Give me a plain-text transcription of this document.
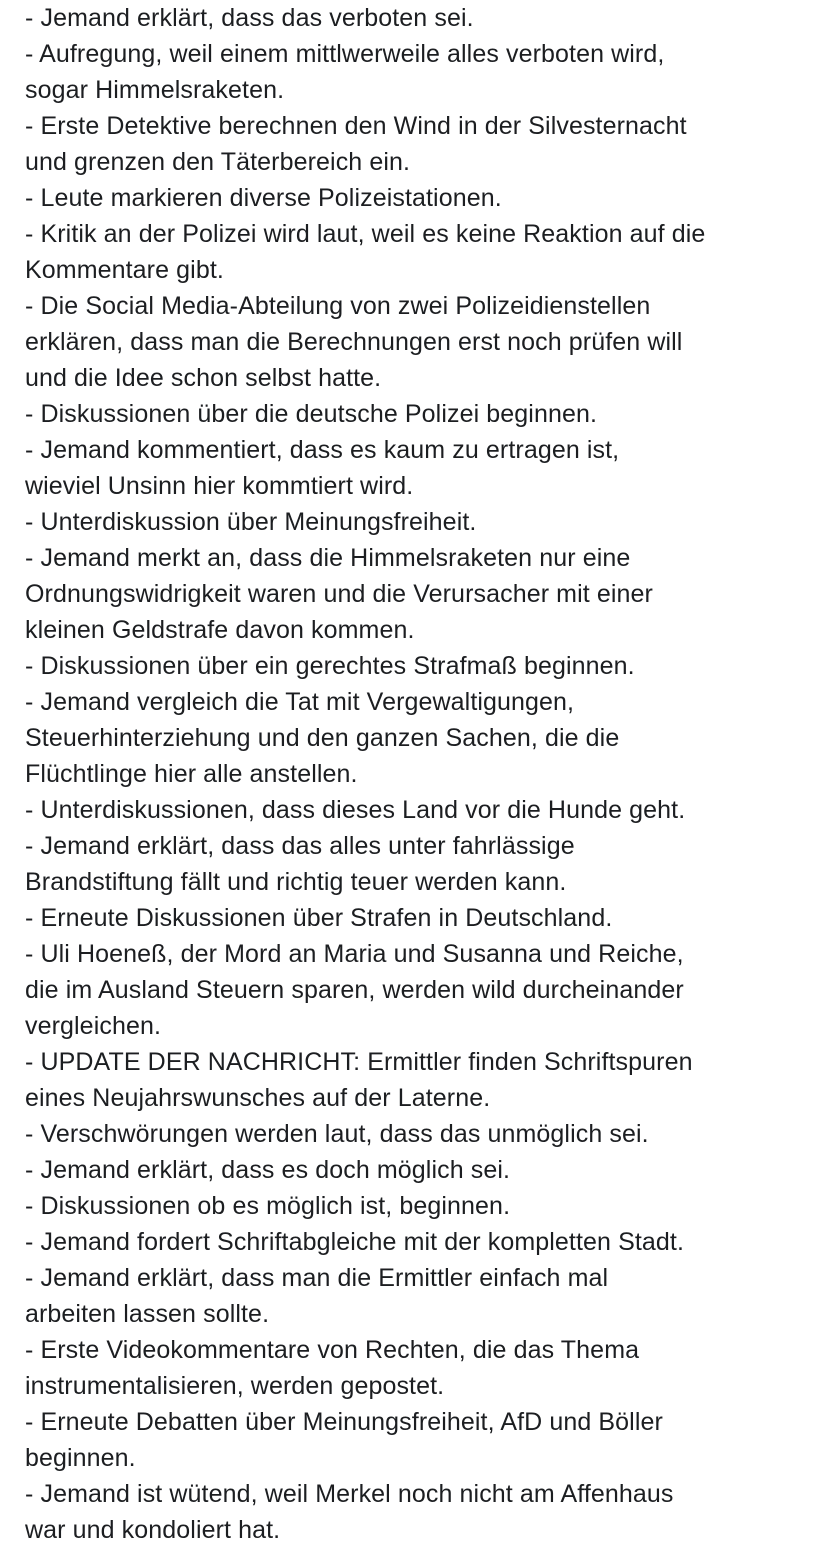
- Jemand erklärt, dass das verboten sei.
- Aufregung, weil einem mittlwerweile alles verboten wird,
sogar Himmelsraketen.
- Erste Detektive berechnen den Wind in der Silvesternacht
und grenzen den Täterbereich ein.
- Leute markieren diverse Polizeistationen.
- Kritik an der Polizei wird laut, weil es keine Reaktion auf die
Kommentare gibt.
- Die Social Media-Abteilung von zwei Polizeidienstellen
erklären, dass man die Berechnungen erst noch prüfen will
und die Idee schon selbst hatte.
- Diskussionen über die deutsche Polizei beginnen.
- Jemand kommentiert, dass es kaum zu ertragen ist,
wieviel Unsinn hier kommtiert wird.
- Unterdiskussion über Meinungsfreiheit.
- Jemand merkt an, dass die Himmelsraketen nur eine
Ordnungswidrigkeit waren und die Verursacher mit einer
kleinen Geldstrafe davon kommen.
- Diskussionen über ein gerechtes Strafmaß beginnen.
- Jemand vergleich die Tat mit Vergewaltigungen,
Steuerhinterziehung und den ganzen Sachen, die die
Flüchtlinge hier alle anstellen.
- Unterdiskussionen, dass dieses Land vor die Hunde geht.
- Jemand erklärt, dass das alles unter fahrlässige
Brandstiftung fällt und richtig teuer werden kann.
- Erneute Diskussionen über Strafen in Deutschland.
- Uli Hoeneß, der Mord an Maria und Susanna und Reiche,
die im Ausland Steuern sparen, werden wild durcheinander
vergleichen.
- UPDATE DER NACHRICHT: Ermittler finden Schriftspuren
eines Neujahrswunsches auf der Laterne.
- Verschwörungen werden laut, dass das unmöglich sei.
- Jemand erklärt, dass es doch möglich sei.
- Diskussionen ob es möglich ist, beginnen.
- Jemand fordert Schriftabgleiche mit der kompletten Stadt.
- Jemand erklärt, dass man die Ermittler einfach mal
arbeiten lassen sollte.
- Erste Videokommentare von Rechten, die das Thema
instrumentalisieren, werden gepostet.
- Erneute Debatten über Meinungsfreiheit, AfD und Böller
beginnen.
- Jemand ist wütend, weil Merkel noch nicht am Affenhaus
war und kondoliert hat.
